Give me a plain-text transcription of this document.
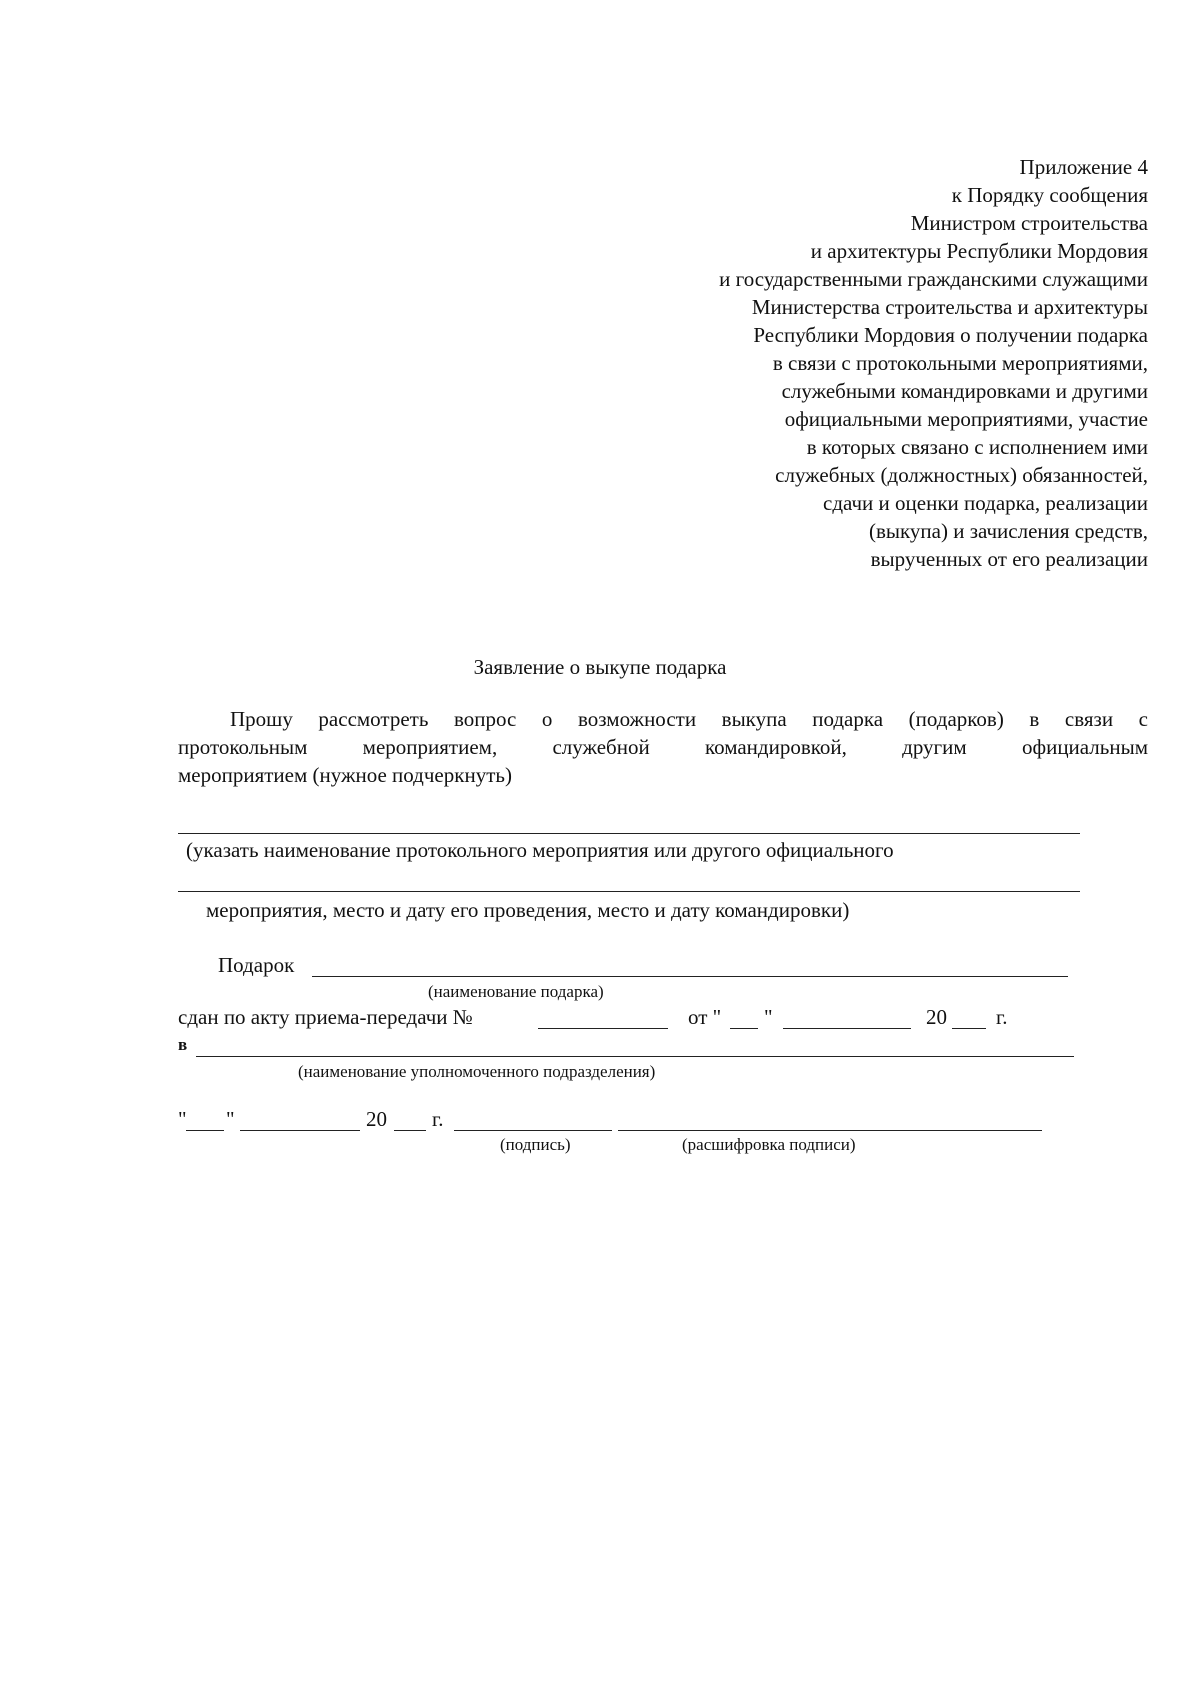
Приложение 4
к Порядку сообщения
Министром строительства
и архитектуры Республики Мордовия
и государственными гражданскими служащими
Министерства строительства и архитектуры
Республики Мордовия о получении подарка
в связи с протокольными мероприятиями,
служебными командировками и другими
официальными мероприятиями, участие
в которых связано с исполнением ими
служебных (должностных) обязанностей,
сдачи и оценки подарка, реализации
(выкупа) и зачисления средств,
вырученных от его реализации
Заявление о выкупе подарка
Прошу рассмотреть вопрос о возможности выкупа подарка (подарков) в связи с
протокольным мероприятием, служебной командировкой, другим официальным
мероприятием (нужное подчеркнуть)
(указать наименование протокольного мероприятия или другого официального
мероприятия, место и дату его проведения, место и дату командировки)
Подарок
(наименование подарка)
сдан по акту приема-передачи №	от " "	20 г.
в
(наименование уполномоченного подразделения)
" "	20 г.
(подпись)	(расшифровка подписи)
